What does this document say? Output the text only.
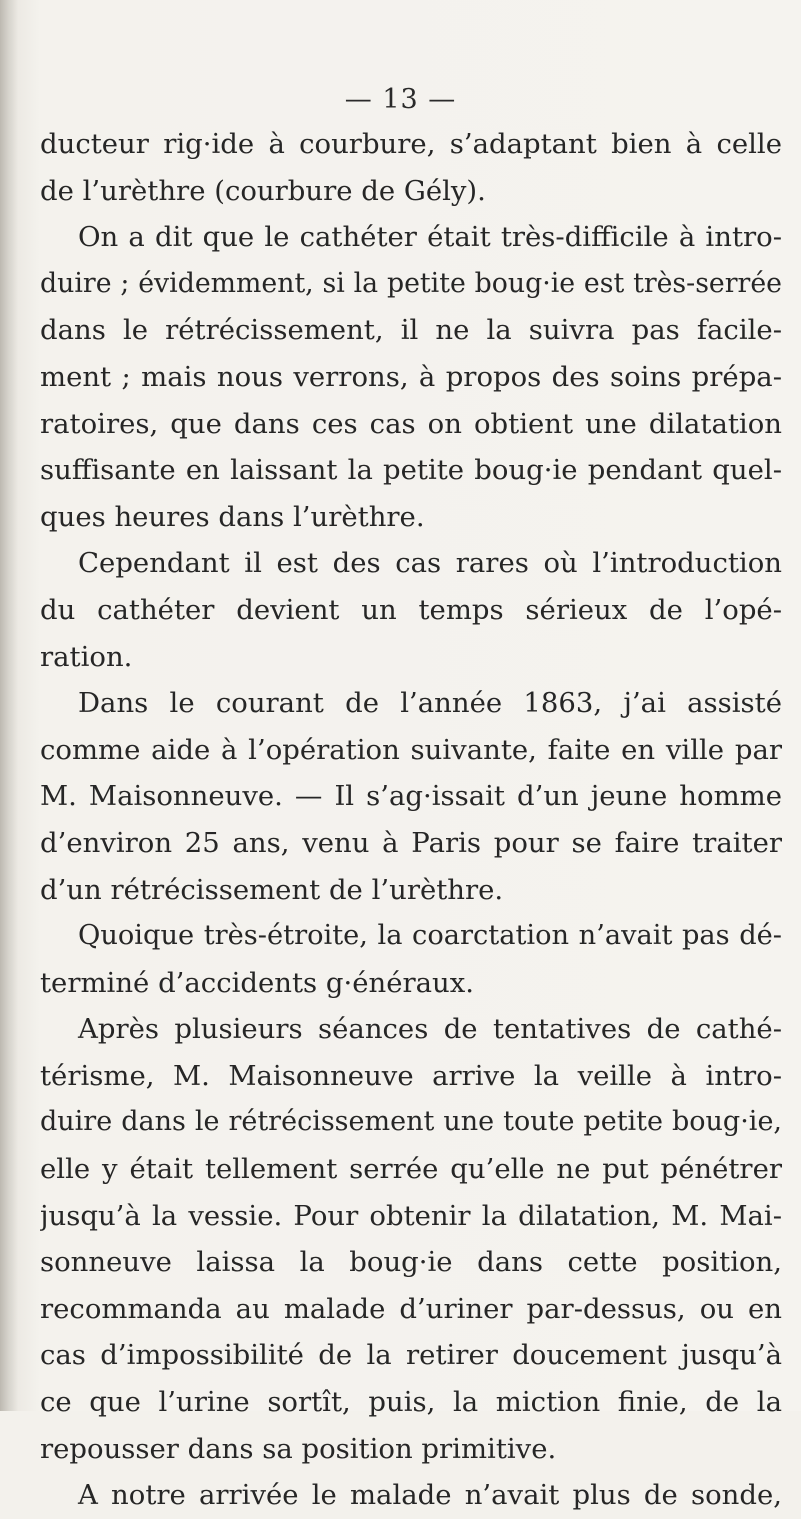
— 13 —
ducteur rig·ide à courbure, s’adaptant bien à celle
de l’urèthre (courbure de Gély).
On a dit que le cathéter était très-difficile à intro-
duire ; évidemment, si la petite boug·ie est très-serrée
dans le rétrécissement, il ne la suivra pas facile-
ment ; mais nous verrons, à propos des soins prépa-
ratoires, que dans ces cas on obtient une dilatation
suffisante en laissant la petite boug·ie pendant quel-
ques heures dans l’urèthre.
Cependant il est des cas rares où l’introduction
du cathéter devient un temps sérieux de l’opé-
ration.
Dans le courant de l’année 1863, j’ai assisté
comme aide à l’opération suivante, faite en ville par
M. Maisonneuve. — Il s’ag·issait d’un jeune homme
d’environ 25 ans, venu à Paris pour se faire traiter
d’un rétrécissement de l’urèthre.
Quoique très-étroite, la coarctation n’avait pas dé-
terminé d’accidents g·énéraux.
Après plusieurs séances de tentatives de cathé-
térisme, M. Maisonneuve arrive la veille à intro-
duire dans le rétrécissement une toute petite boug·ie,
elle y était tellement serrée qu’elle ne put pénétrer
jusqu’à la vessie. Pour obtenir la dilatation, M. Mai-
sonneuve laissa la boug·ie dans cette position,
recommanda au malade d’uriner par-dessus, ou en
cas d’impossibilité de la retirer doucement jusqu’à
ce que l’urine sortît, puis, la miction finie, de la
repousser dans sa position primitive.
A notre arrivée le malade n’avait plus de sonde,
